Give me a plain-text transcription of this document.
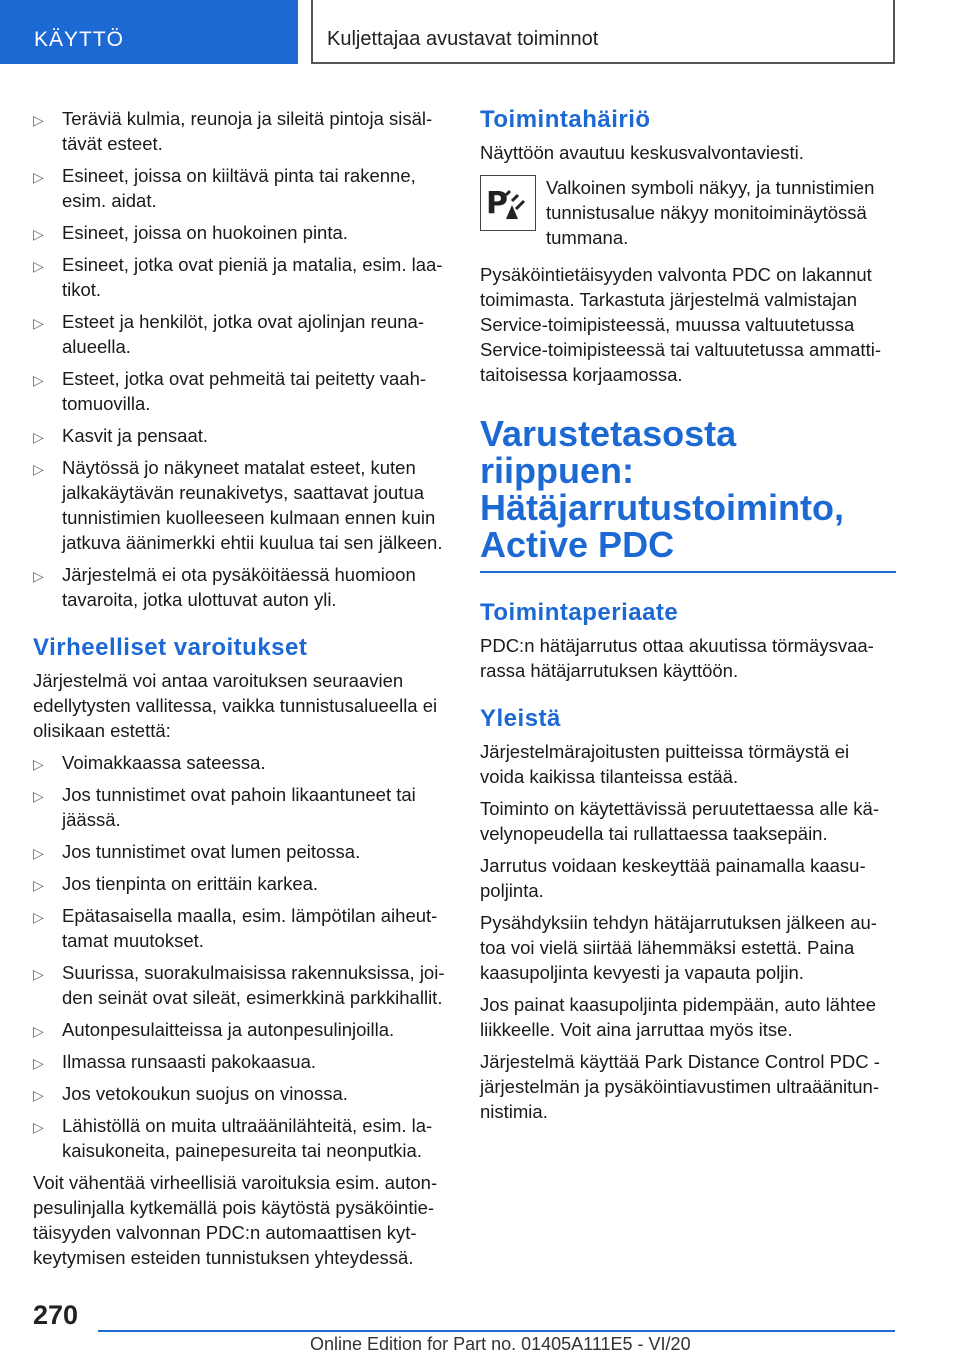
KÄYTTÖ	Kuljettajaa avustavat toiminnot
▷ Teräviä kulmia, reunoja ja sileitä pintoja sisäl-tävät esteet.
▷ Esineet, joissa on kiiltävä pinta tai rakenne, esim. aidat.
▷ Esineet, joissa on huokoinen pinta.
▷ Esineet, jotka ovat pieniä ja matalia, esim. laa-tikot.
▷ Esteet ja henkilöt, jotka ovat ajolinjan reuna-alueella.
▷ Esteet, jotka ovat pehmeitä tai peitetty vaah-tomuovilla.
▷ Kasvit ja pensaat.
▷ Näytössä jo näkyneet matalat esteet, kuten jalkakäytävän reunakivetys, saattavat joutua tunnistimien kuolleeseen kulmaan ennen kuin jatkuva äänimerkki ehtii kuulua tai sen jälkeen.
▷ Järjestelmä ei ota pysäköitäessä huomioon tavaroita, jotka ulottuvat auton yli.
Virheelliset varoitukset

Järjestelmä voi antaa varoituksen seuraavien edellytysten vallitessa, vaikka tunnistusalueella ei olisikaan estettä:

▷ Voimakkaassa sateessa.
▷ Jos tunnistimet ovat pahoin likaantuneet tai jäässä.
▷ Jos tunnistimet ovat lumen peitossa.
▷ Jos tienpinta on erittäin karkea.
▷ Epätasaisella maalla, esim. lämpötilan aiheut-tamat muutokset.
▷ Suurissa, suorakulmaisissa rakennuksissa, joi-den seinät ovat sileät, esimerkkinä parkkihallit.
▷ Autonpesulaitteissa ja autonpesulinjoilla.
▷ Ilmassa runsaasti pakokaasua.
▷ Jos vetokoukun suojus on vinossa.
▷ Lähistöllä on muita ultraäänilähteitä, esim. la-kaisukoneita, painepesureita tai neonputkia.

Voit vähentää virheellisiä varoituksia esim. auton-pesulinjalla kytkemällä pois käytöstä pysäköintie-täisyyden valvonnan PDC:n automaattisen kyt-keytymisen esteiden tunnistuksen yhteydessä.

Toimintahäiriö

Näyttöön avautuu keskusvalvontaviesti.

P Valkoinen symboli näkyy, ja tunnistimien tunnistusalue näkyy monitoiminäytössä tummana.

Pysäköintietäisyyden valvonta PDC on lakannut toimimasta. Tarkastuta järjestelmä valmistajan Service-toimipisteessä, muussa valtuutetussa Service-toimipisteessä tai valtuutetussa ammatti-taitoisessa korjaamossa.

Varustetasosta riippuen: Hätäjarrutustoiminto, Active PDC
Toimintaperiaate

PDC:n hätäjarrutus ottaa akuutissa törmäysvaa-rassa hätäjarrutuksen käyttöön.

Yleistä

Järjestelmärajoitusten puitteissa törmäystä ei voida kaikissa tilanteissa estää.

Toiminto on käytettävissä peruutettaessa alle kä-velynopeudella tai rullattaessa taaksepäin.

Jarrutus voidaan keskeyttää painamalla kaasu-poljinta.

Pysähdyksiin tehdyn hätäjarrutuksen jälkeen au-toa voi vielä siirtää lähemmäksi estettä. Paina kaasupoljinta kevyesti ja vapauta poljin.

Jos painat kaasupoljinta pidempään, auto lähtee liikkeelle. Voit aina jarruttaa myös itse.

Järjestelmä käyttää Park Distance Control PDC -järjestelmän ja pysäköintiavustimen ultraäänitun-nistimia.

270
Online Edition for Part no. 01405A111E5 - VI/20
